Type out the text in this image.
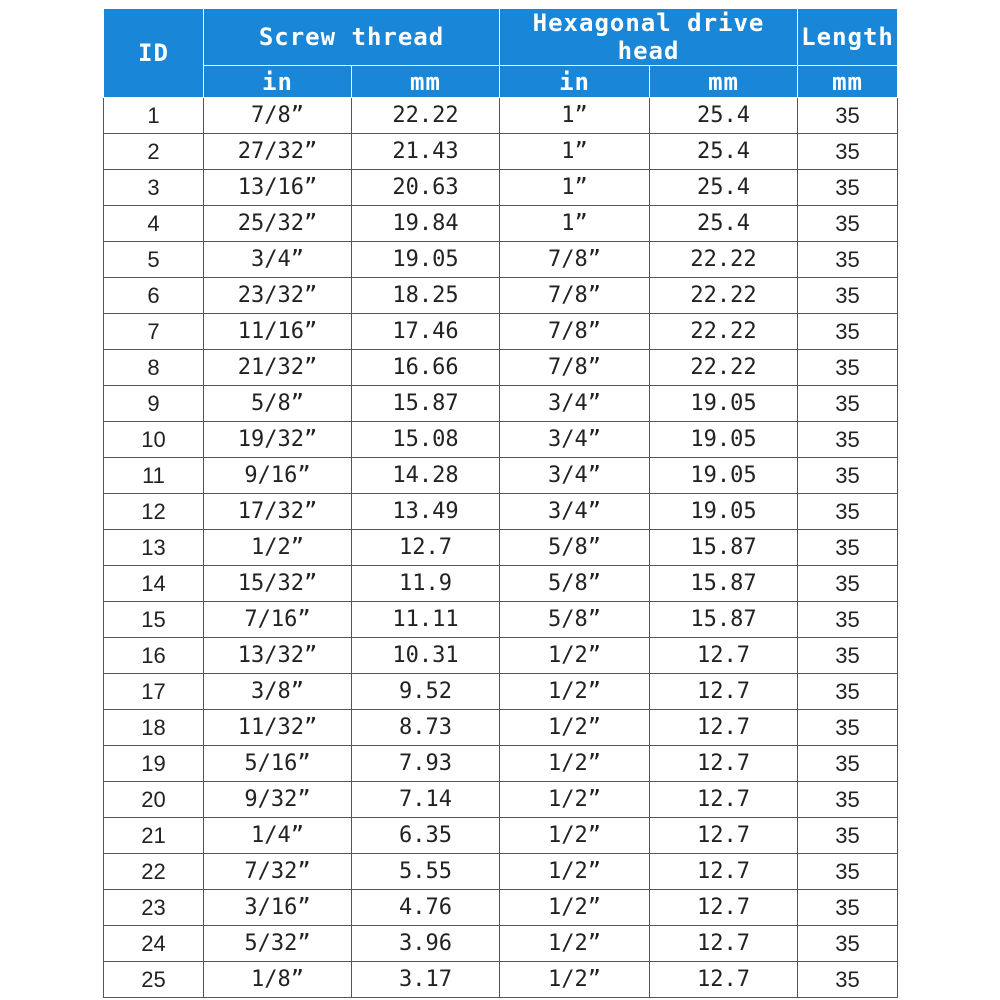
ID	Screw thread		Hexagonal drive head		Length
	in	mm	in	mm	mm
1	7/8”	22.22	1”	25.4	35
2	27/32”	21.43	1”	25.4	35
3	13/16”	20.63	1”	25.4	35
4	25/32”	19.84	1”	25.4	35
5	3/4”	19.05	7/8”	22.22	35
6	23/32”	18.25	7/8”	22.22	35
7	11/16”	17.46	7/8”	22.22	35
8	21/32”	16.66	7/8”	22.22	35
9	5/8”	15.87	3/4”	19.05	35
10	19/32”	15.08	3/4”	19.05	35
11	9/16”	14.28	3/4”	19.05	35
12	17/32”	13.49	3/4”	19.05	35
13	1/2”	12.7	5/8”	15.87	35
14	15/32”	11.9	5/8”	15.87	35
15	7/16”	11.11	5/8”	15.87	35
16	13/32”	10.31	1/2”	12.7	35
17	3/8”	9.52	1/2”	12.7	35
18	11/32”	8.73	1/2”	12.7	35
19	5/16”	7.93	1/2”	12.7	35
20	9/32”	7.14	1/2”	12.7	35
21	1/4”	6.35	1/2”	12.7	35
22	7/32”	5.55	1/2”	12.7	35
23	3/16”	4.76	1/2”	12.7	35
24	5/32”	3.96	1/2”	12.7	35
25	1/8”	3.17	1/2”	12.7	35
